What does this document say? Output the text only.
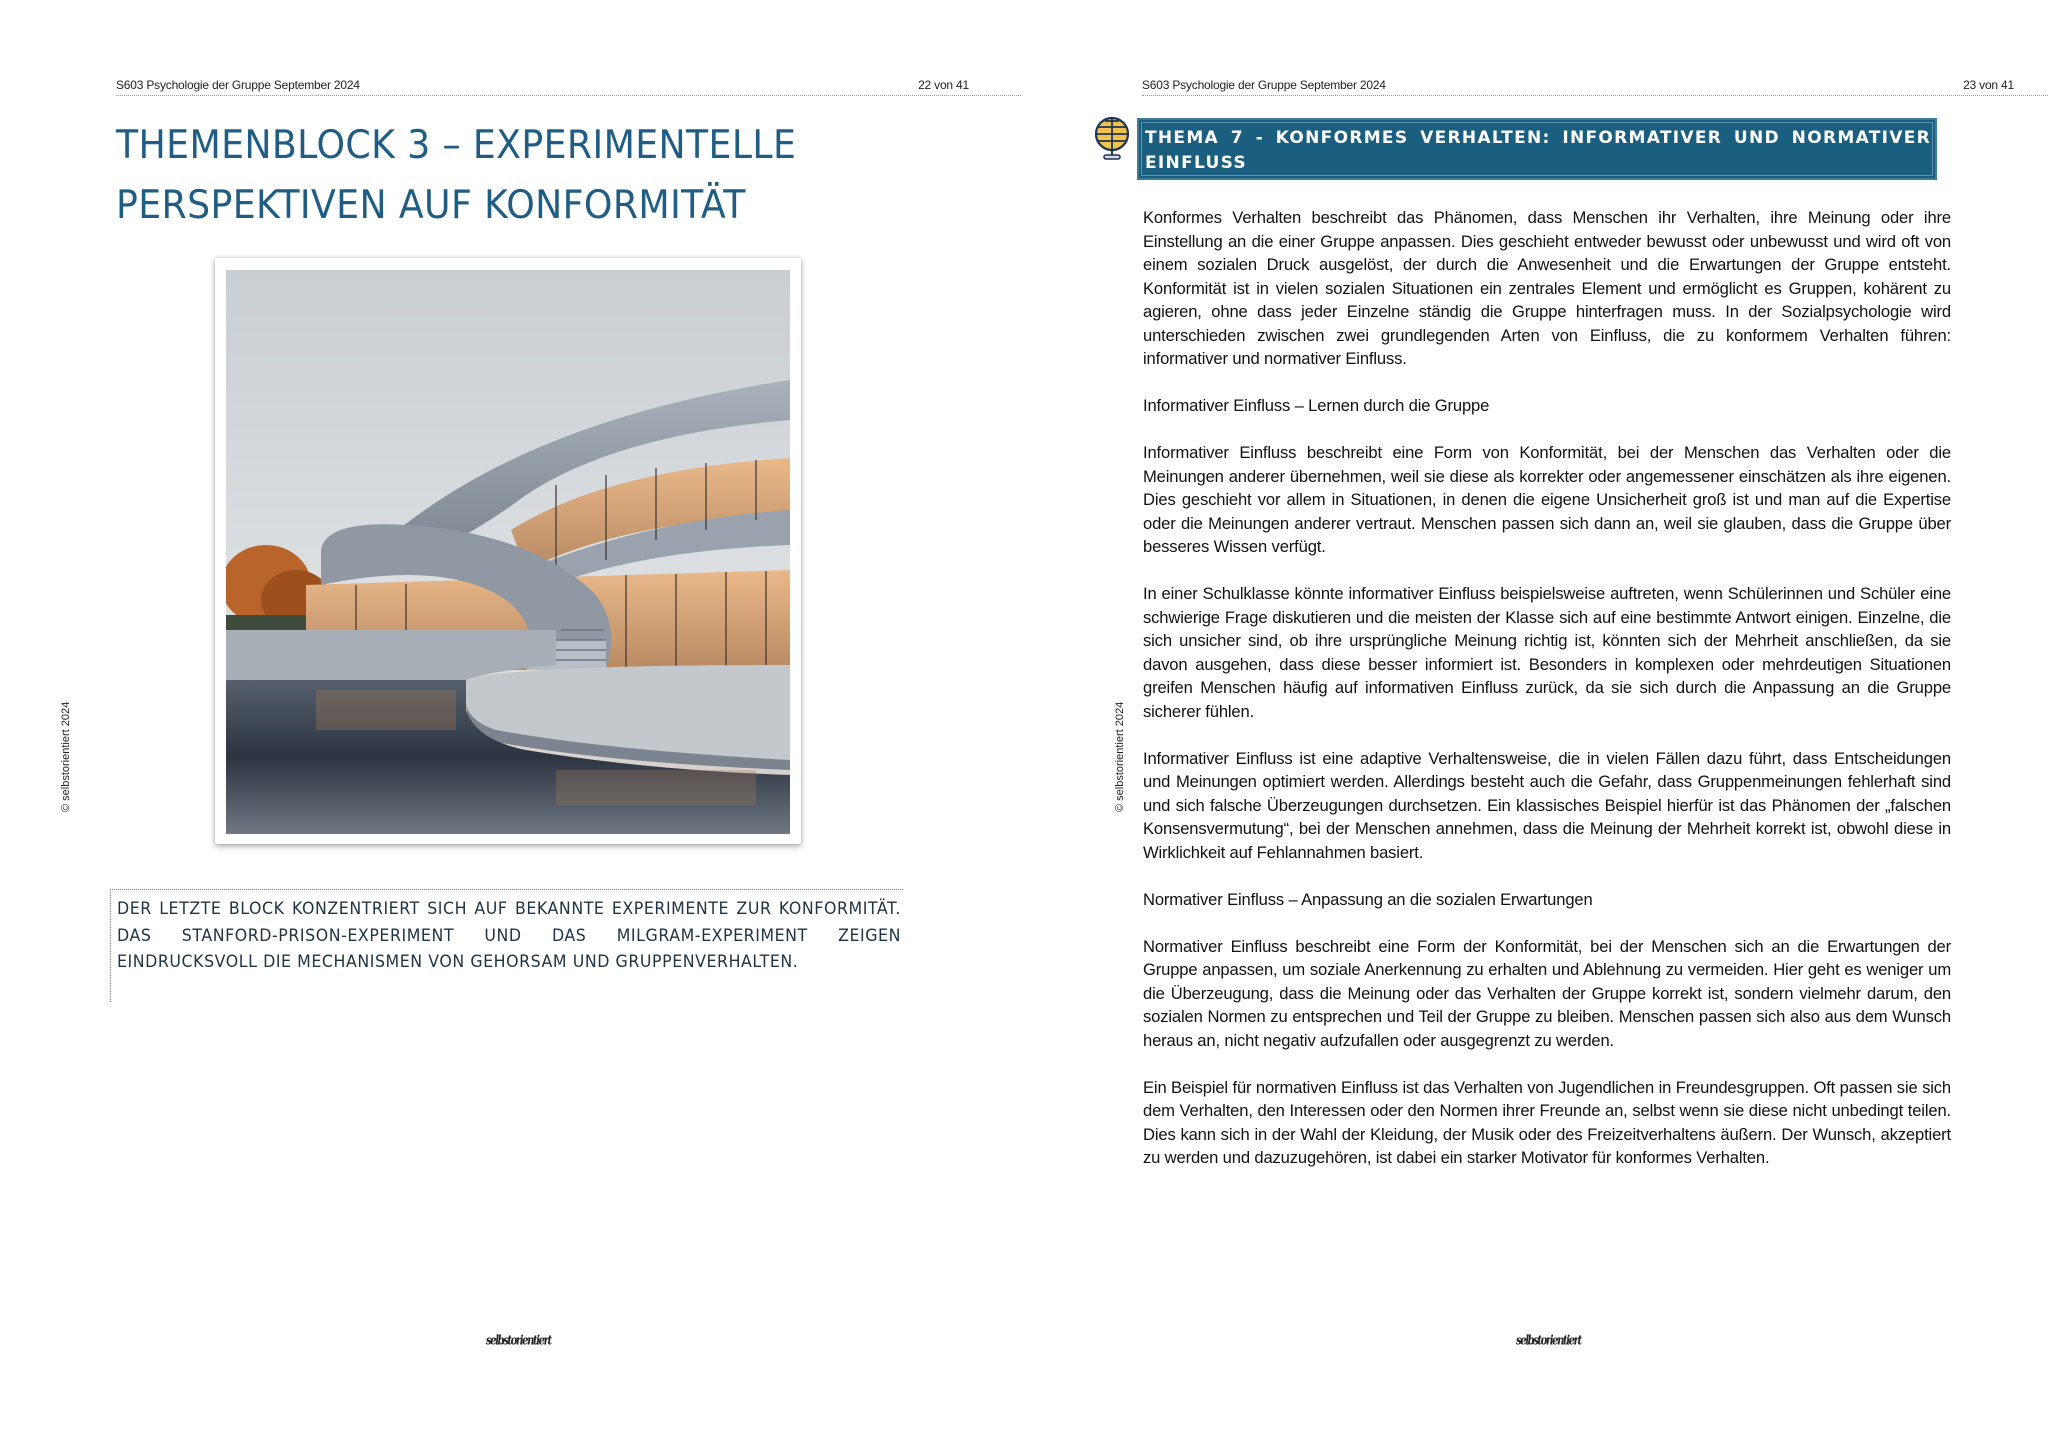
S603 Psychologie der Gruppe September 2024	22 von 41
THEMENBLOCK 3 – EXPERIMENTELLE
PERSPEKTIVEN AUF KONFORMITÄT
DER LETZTE BLOCK KONZENTRIERT SICH AUF BEKANNTE EXPERIMENTE ZUR KONFORMITÄT. DAS STANFORD-PRISON-EXPERIMENT UND DAS MILGRAM-EXPERIMENT ZEIGEN EINDRUCKSVOLL DIE MECHANISMEN VON GEHORSAM UND GRUPPENVERHALTEN.
© selbstorientiert 2024
selbstorientiert
S603 Psychologie der Gruppe September 2024	23 von 41
THEMA 7 - KONFORMES VERHALTEN: INFORMATIVER UND NORMATIVER EINFLUSS

Konformes Verhalten beschreibt das Phänomen, dass Menschen ihr Verhalten, ihre Meinung oder ihre Einstellung an die einer Gruppe anpassen. Dies geschieht entweder bewusst oder unbewusst und wird oft von einem sozialen Druck ausgelöst, der durch die Anwesenheit und die Erwartungen der Gruppe entsteht. Konformität ist in vielen sozialen Situationen ein zentrales Element und ermöglicht es Gruppen, kohärent zu agieren, ohne dass jeder Einzelne ständig die Gruppe hinterfragen muss. In der Sozialpsychologie wird unterschieden zwischen zwei grundlegenden Arten von Einfluss, die zu konformem Verhalten führen: informativer und normativer Einfluss.

Informativer Einfluss – Lernen durch die Gruppe

Informativer Einfluss beschreibt eine Form von Konformität, bei der Menschen das Verhalten oder die Meinungen anderer übernehmen, weil sie diese als korrekter oder angemessener einschätzen als ihre eigenen. Dies geschieht vor allem in Situationen, in denen die eigene Unsicherheit groß ist und man auf die Expertise oder die Meinungen anderer vertraut. Menschen passen sich dann an, weil sie glauben, dass die Gruppe über besseres Wissen verfügt.

In einer Schulklasse könnte informativer Einfluss beispielsweise auftreten, wenn Schülerinnen und Schüler eine schwierige Frage diskutieren und die meisten der Klasse sich auf eine bestimmte Antwort einigen. Einzelne, die sich unsicher sind, ob ihre ursprüngliche Meinung richtig ist, könnten sich der Mehrheit anschließen, da sie davon ausgehen, dass diese besser informiert ist. Besonders in komplexen oder mehrdeutigen Situationen greifen Menschen häufig auf informativen Einfluss zurück, da sie sich durch die Anpassung an die Gruppe sicherer fühlen.

Informativer Einfluss ist eine adaptive Verhaltensweise, die in vielen Fällen dazu führt, dass Entscheidungen und Meinungen optimiert werden. Allerdings besteht auch die Gefahr, dass Gruppenmeinungen fehlerhaft sind und sich falsche Überzeugungen durchsetzen. Ein klassisches Beispiel hierfür ist das Phänomen der „falschen Konsensvermutung“, bei der Menschen annehmen, dass die Meinung der Mehrheit korrekt ist, obwohl diese in Wirklichkeit auf Fehlannahmen basiert.

Normativer Einfluss – Anpassung an die sozialen Erwartungen

Normativer Einfluss beschreibt eine Form der Konformität, bei der Menschen sich an die Erwartungen der Gruppe anpassen, um soziale Anerkennung zu erhalten und Ablehnung zu vermeiden. Hier geht es weniger um die Überzeugung, dass die Meinung oder das Verhalten der Gruppe korrekt ist, sondern vielmehr darum, den sozialen Normen zu entsprechen und Teil der Gruppe zu bleiben. Menschen passen sich also aus dem Wunsch heraus an, nicht negativ aufzufallen oder ausgegrenzt zu werden.

Ein Beispiel für normativen Einfluss ist das Verhalten von Jugendlichen in Freundesgruppen. Oft passen sie sich dem Verhalten, den Interessen oder den Normen ihrer Freunde an, selbst wenn sie diese nicht unbedingt teilen. Dies kann sich in der Wahl der Kleidung, der Musik oder des Freizeitverhaltens äußern. Der Wunsch, akzeptiert zu werden und dazuzugehören, ist dabei ein starker Motivator für konformes Verhalten.

© selbstorientiert 2024
selbstorientiert
